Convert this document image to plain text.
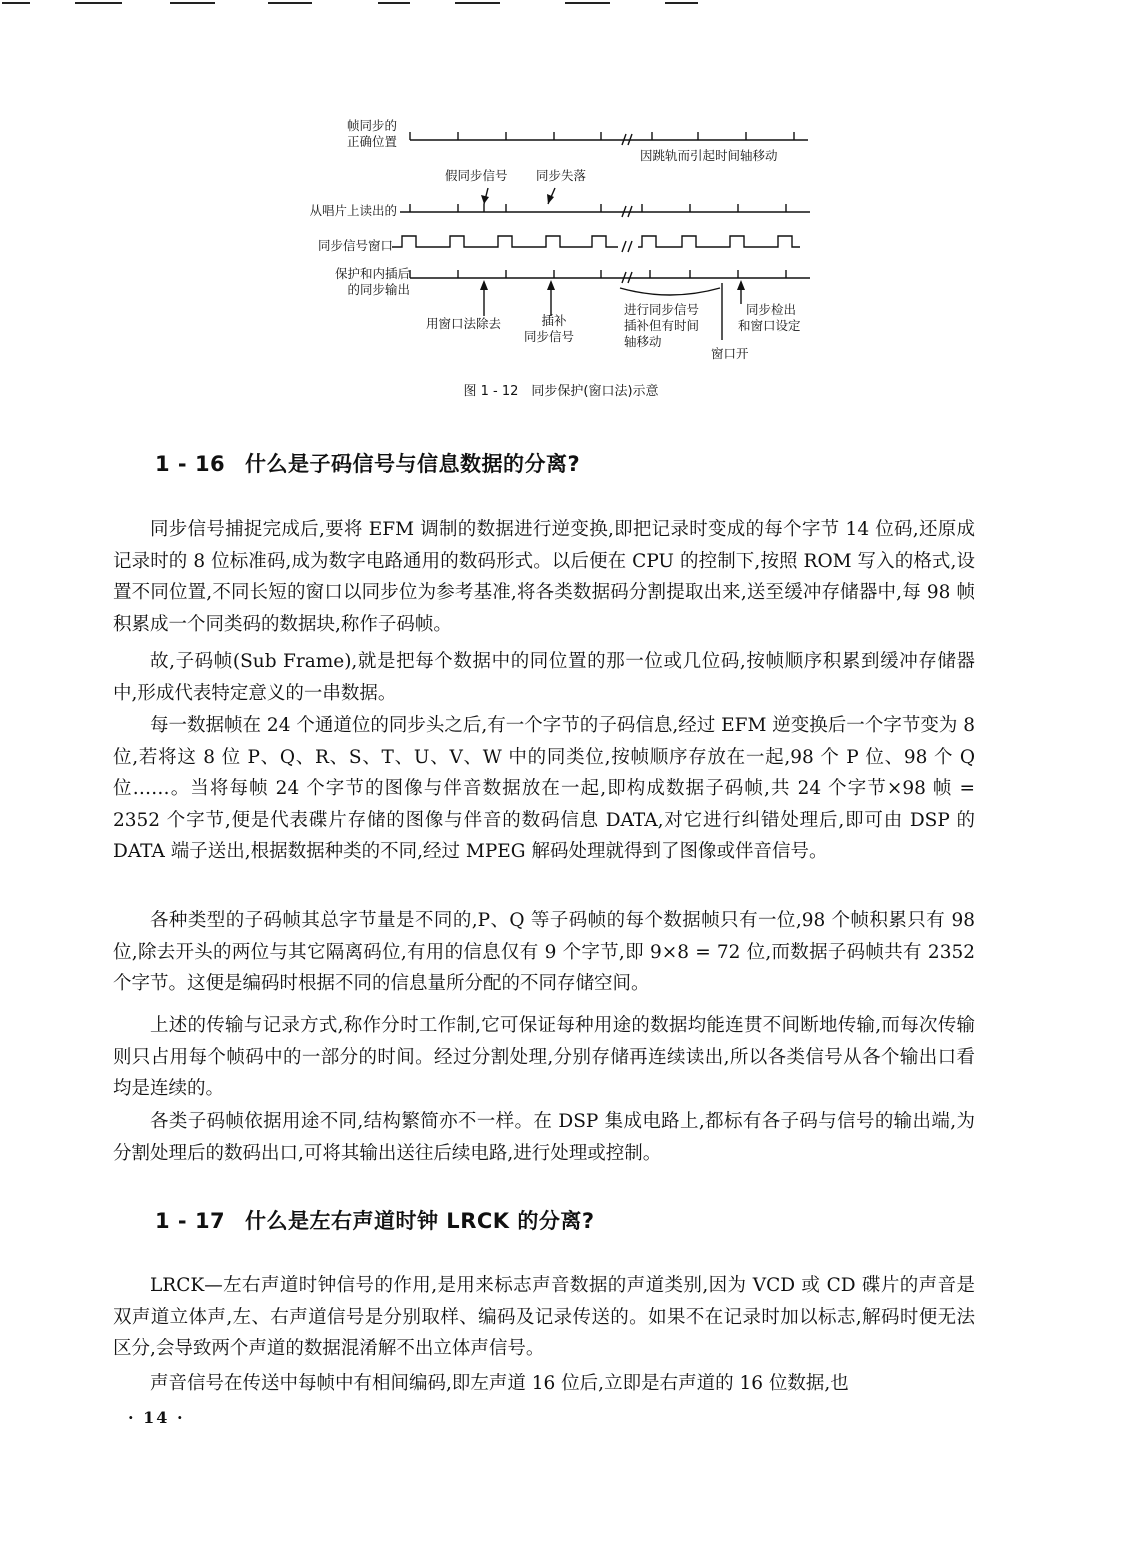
帧同步的
正确位置
因跳轨而引起时间轴移动
假同步信号 同步失落
从唱片上读出的
同步信号窗口
保护和内插后
的同步输出
用窗口法除去	插补
同步信号
进行同步信号
插补但有时间
轴移动
窗口开
同步检出
和窗口设定
图 1 - 12　同步保护(窗口法)示意
1 - 16 什么是子码信号与信息数据的分离?

同步信号捕捉完成后,要将 EFM 调制的数据进行逆变换,即把记录时变成的每个字节 14 位码,还原成记录时的 8 位标准码,成为数字电路通用的数码形式。以后便在 CPU 的控制下,按照 ROM 写入的格式,设置不同位置,不同长短的窗口以同步位为参考基准,将各类数据码分割提取出来,送至缓冲存储器中,每 98 帧积累成一个同类码的数据块,称作子码帧。

故,子码帧(Sub Frame),就是把每个数据中的同位置的那一位或几位码,按帧顺序积累到缓冲存储器中,形成代表特定意义的一串数据。

每一数据帧在 24 个通道位的同步头之后,有一个字节的子码信息,经过 EFM 逆变换后一个字节变为 8 位,若将这 8 位 P、Q、R、S、T、U、V、W 中的同类位,按帧顺序存放在一起,98 个 P 位、98 个 Q 位……。当将每帧 24 个字节的图像与伴音数据放在一起,即构成数据子码帧,共 24 个字节×98 帧 = 2352 个字节,便是代表碟片存储的图像与伴音的数码信息 DATA,对它进行纠错处理后,即可由 DSP 的 DATA 端子送出,根据数据种类的不同,经过 MPEG 解码处理就得到了图像或伴音信号。

各种类型的子码帧其总字节量是不同的,P、Q 等子码帧的每个数据帧只有一位,98 个帧积累只有 98 位,除去开头的两位与其它隔离码位,有用的信息仅有 9 个字节,即 9×8 = 72 位,而数据子码帧共有 2352 个字节。这便是编码时根据不同的信息量所分配的不同存储空间。

上述的传输与记录方式,称作分时工作制,它可保证每种用途的数据均能连贯不间断地传输,而每次传输则只占用每个帧码中的一部分的时间。经过分割处理,分别存储再连续读出,所以各类信号从各个输出口看均是连续的。

各类子码帧依据用途不同,结构繁简亦不一样。在 DSP 集成电路上,都标有各子码与信号的输出端,为分割处理后的数码出口,可将其输出送往后续电路,进行处理或控制。

1 - 17 什么是左右声道时钟 LRCK 的分离?

LRCK—左右声道时钟信号的作用,是用来标志声音数据的声道类别,因为 VCD 或 CD 碟片的声音是双声道立体声,左、右声道信号是分别取样、编码及记录传送的。如果不在记录时加以标志,解码时便无法区分,会导致两个声道的数据混淆解不出立体声信号。

声音信号在传送中每帧中有相间编码,即左声道 16 位后,立即是右声道的 16 位数据,也

· 14 ·
